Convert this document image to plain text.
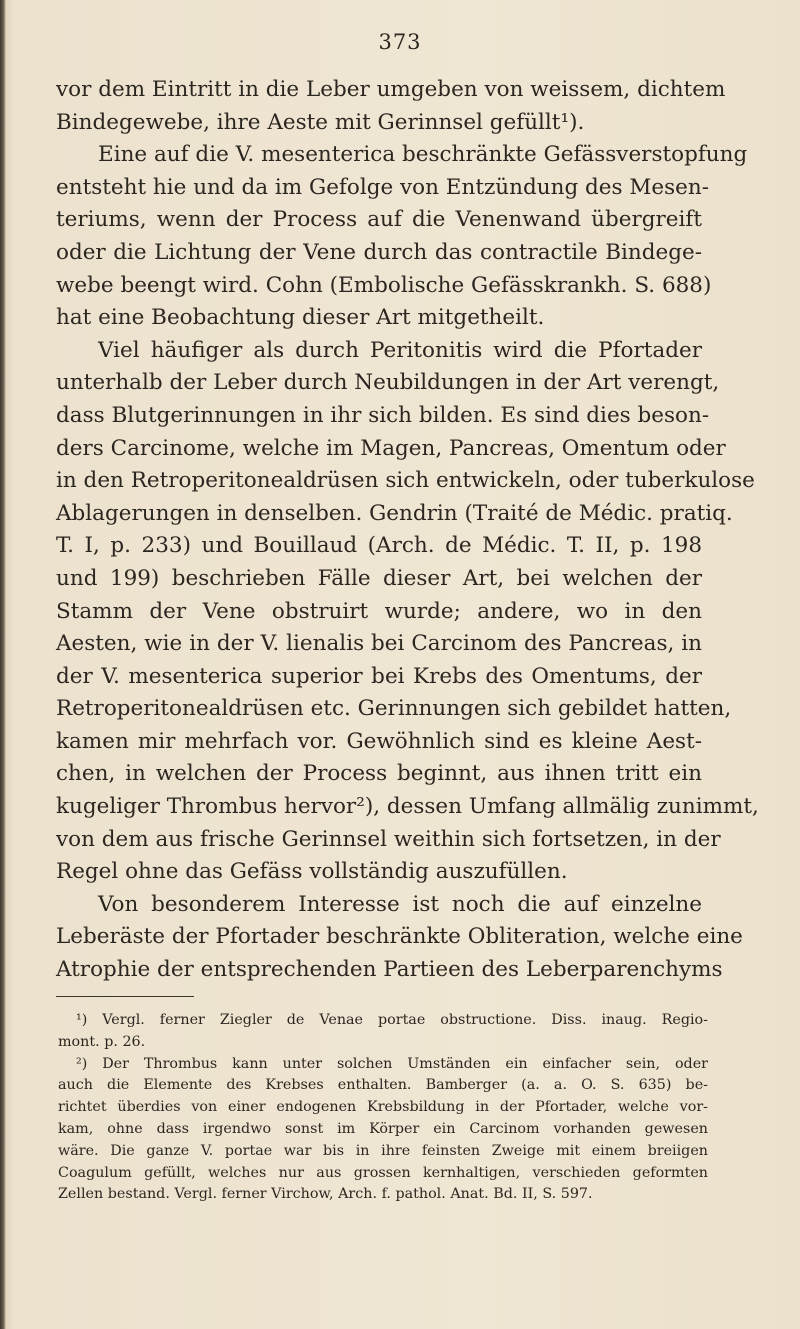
373
vor dem Eintritt in die Leber umgeben von weissem, dichtem
Bindegewebe, ihre Aeste mit Gerinnsel gefüllt¹).
Eine auf die V. mesenterica beschränkte Gefässverstopfung
entsteht hie und da im Gefolge von Entzündung des Mesen-
teriums, wenn der Process auf die Venenwand übergreift
oder die Lichtung der Vene durch das contractile Bindege-
webe beengt wird. Cohn (Embolische Gefässkrankh. S. 688)
hat eine Beobachtung dieser Art mitgetheilt.
Viel häufiger als durch Peritonitis wird die Pfortader
unterhalb der Leber durch Neubildungen in der Art verengt,
dass Blutgerinnungen in ihr sich bilden. Es sind dies beson-
ders Carcinome, welche im Magen, Pancreas, Omentum oder
in den Retroperitonealdrüsen sich entwickeln, oder tuberkulose
Ablagerungen in denselben. Gendrin (Traité de Médic. pratiq.
T. I, p. 233) und Bouillaud (Arch. de Médic. T. II, p. 198
und 199) beschrieben Fälle dieser Art, bei welchen der
Stamm der Vene obstruirt wurde; andere, wo in den
Aesten, wie in der V. lienalis bei Carcinom des Pancreas, in
der V. mesenterica superior bei Krebs des Omentums, der
Retroperitonealdrüsen etc. Gerinnungen sich gebildet hatten,
kamen mir mehrfach vor. Gewöhnlich sind es kleine Aest-
chen, in welchen der Process beginnt, aus ihnen tritt ein
kugeliger Thrombus hervor²), dessen Umfang allmälig zunimmt,
von dem aus frische Gerinnsel weithin sich fortsetzen, in der
Regel ohne das Gefäss vollständig auszufüllen.
Von besonderem Interesse ist noch die auf einzelne
Leberäste der Pfortader beschränkte Obliteration, welche eine
Atrophie der entsprechenden Partieen des Leberparenchyms
¹) Vergl. ferner Ziegler de Venae portae obstructione. Diss. inaug. Regio-
mont. p. 26.
²) Der Thrombus kann unter solchen Umständen ein einfacher sein, oder
auch die Elemente des Krebses enthalten. Bamberger (a. a. O. S. 635) be-
richtet überdies von einer endogenen Krebsbildung in der Pfortader, welche vor-
kam, ohne dass irgendwo sonst im Körper ein Carcinom vorhanden gewesen
wäre. Die ganze V. portae war bis in ihre feinsten Zweige mit einem breiigen
Coagulum gefüllt, welches nur aus grossen kernhaltigen, verschieden geformten
Zellen bestand. Vergl. ferner Virchow, Arch. f. pathol. Anat. Bd. II, S. 597.
